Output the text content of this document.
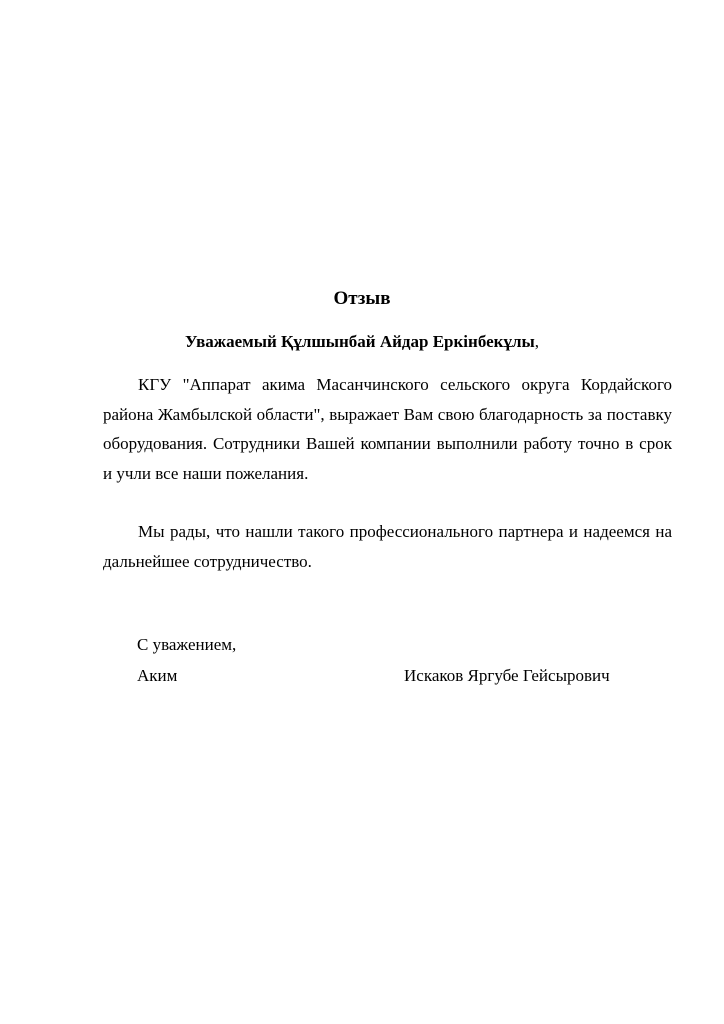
Отзыв

Уважаемый Құлшынбай Айдар Еркінбекұлы,

КГУ "Аппарат акима Масанчинского сельского округа Кордайского района Жамбылской области", выражает Вам свою благодарность за поставку оборудования. Сотрудники Вашей компании выполнили работу точно в срок и учли все наши пожелания.

Мы рады, что нашли такого профессионального партнера и надеемся на дальнейшее сотрудничество.

С уважением,

Аким	Искаков Яргубе Гейсырович
